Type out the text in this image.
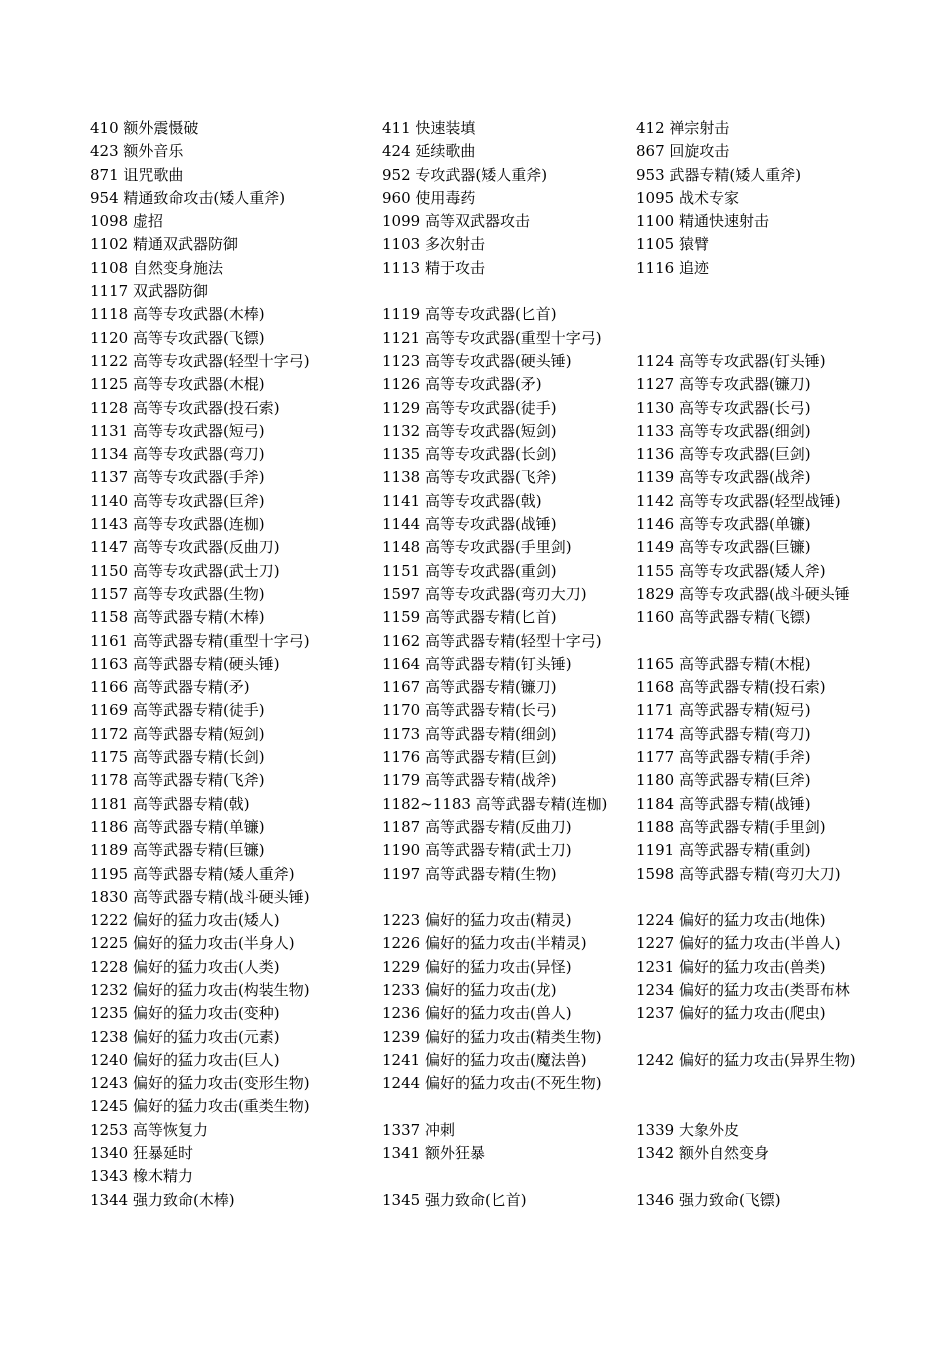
410 额外震慑破	411 快速装填	412 禅宗射击
423 额外音乐	424 延续歌曲	867 回旋攻击
871 诅咒歌曲	952 专攻武器(矮人重斧)	953 武器专精(矮人重斧)
954 精通致命攻击(矮人重斧)	960 使用毒药	1095 战术专家
1098 虚招	1099 高等双武器攻击	1100 精通快速射击
1102 精通双武器防御	1103 多次射击	1105 猿臂
1108 自然变身施法	1113 精于攻击	1116 追迹
1117 双武器防御
1118 高等专攻武器(木棒)	1119 高等专攻武器(匕首)
1120 高等专攻武器(飞镖)	1121 高等专攻武器(重型十字弓)
1122 高等专攻武器(轻型十字弓)	1123 高等专攻武器(硬头锤)	1124 高等专攻武器(钉头锤)
1125 高等专攻武器(木棍)	1126 高等专攻武器(矛)	1127 高等专攻武器(镰刀)
1128 高等专攻武器(投石索)	1129 高等专攻武器(徒手)	1130 高等专攻武器(长弓)
1131 高等专攻武器(短弓)	1132 高等专攻武器(短剑)	1133 高等专攻武器(细剑)
1134 高等专攻武器(弯刀)	1135 高等专攻武器(长剑)	1136 高等专攻武器(巨剑)
1137 高等专攻武器(手斧)	1138 高等专攻武器(飞斧)	1139 高等专攻武器(战斧)
1140 高等专攻武器(巨斧)	1141 高等专攻武器(戟)	1142 高等专攻武器(轻型战锤)
1143 高等专攻武器(连枷)	1144 高等专攻武器(战锤)	1146 高等专攻武器(单镰)
1147 高等专攻武器(反曲刀)	1148 高等专攻武器(手里剑)	1149 高等专攻武器(巨镰)
1150 高等专攻武器(武士刀)	1151 高等专攻武器(重剑)	1155 高等专攻武器(矮人斧)
1157 高等专攻武器(生物)	1597 高等专攻武器(弯刃大刀)	1829 高等专攻武器(战斗硬头锤
1158 高等武器专精(木棒)	1159 高等武器专精(匕首)	1160 高等武器专精(飞镖)
1161 高等武器专精(重型十字弓)	1162 高等武器专精(轻型十字弓)
1163 高等武器专精(硬头锤)	1164 高等武器专精(钉头锤)	1165 高等武器专精(木棍)
1166 高等武器专精(矛)	1167 高等武器专精(镰刀)	1168 高等武器专精(投石索)
1169 高等武器专精(徒手)	1170 高等武器专精(长弓)	1171 高等武器专精(短弓)
1172 高等武器专精(短剑)	1173 高等武器专精(细剑)	1174 高等武器专精(弯刀)
1175 高等武器专精(长剑)	1176 高等武器专精(巨剑)	1177 高等武器专精(手斧)
1178 高等武器专精(飞斧)	1179 高等武器专精(战斧)	1180 高等武器专精(巨斧)
1181 高等武器专精(戟)	1182~1183 高等武器专精(连枷) 1184 高等武器专精(战锤)
1186 高等武器专精(单镰)	1187 高等武器专精(反曲刀)	1188 高等武器专精(手里剑)
1189 高等武器专精(巨镰)	1190 高等武器专精(武士刀)	1191 高等武器专精(重剑)
1195 高等武器专精(矮人重斧)	1197 高等武器专精(生物)	1598 高等武器专精(弯刃大刀)
1830 高等武器专精(战斗硬头锤)
1222 偏好的猛力攻击(矮人)	1223 偏好的猛力攻击(精灵)	1224 偏好的猛力攻击(地侏)
1225 偏好的猛力攻击(半身人)	1226 偏好的猛力攻击(半精灵)	1227 偏好的猛力攻击(半兽人)
1228 偏好的猛力攻击(人类)	1229 偏好的猛力攻击(异怪)	1231 偏好的猛力攻击(兽类)
1232 偏好的猛力攻击(构装生物)	1233 偏好的猛力攻击(龙)	1234 偏好的猛力攻击(类哥布林
1235 偏好的猛力攻击(变种)	1236 偏好的猛力攻击(兽人)	1237 偏好的猛力攻击(爬虫)
1238 偏好的猛力攻击(元素)	1239 偏好的猛力攻击(精类生物)
1240 偏好的猛力攻击(巨人)	1241 偏好的猛力攻击(魔法兽)	1242 偏好的猛力攻击(异界生物)
1243 偏好的猛力攻击(变形生物)	1244 偏好的猛力攻击(不死生物)
1245 偏好的猛力攻击(重类生物)
1253 高等恢复力	1337 冲刺	1339 大象外皮
1340 狂暴延时	1341 额外狂暴	1342 额外自然变身
1343 橡木精力
1344 强力致命(木棒)	1345 强力致命(匕首)	1346 强力致命(飞镖)
